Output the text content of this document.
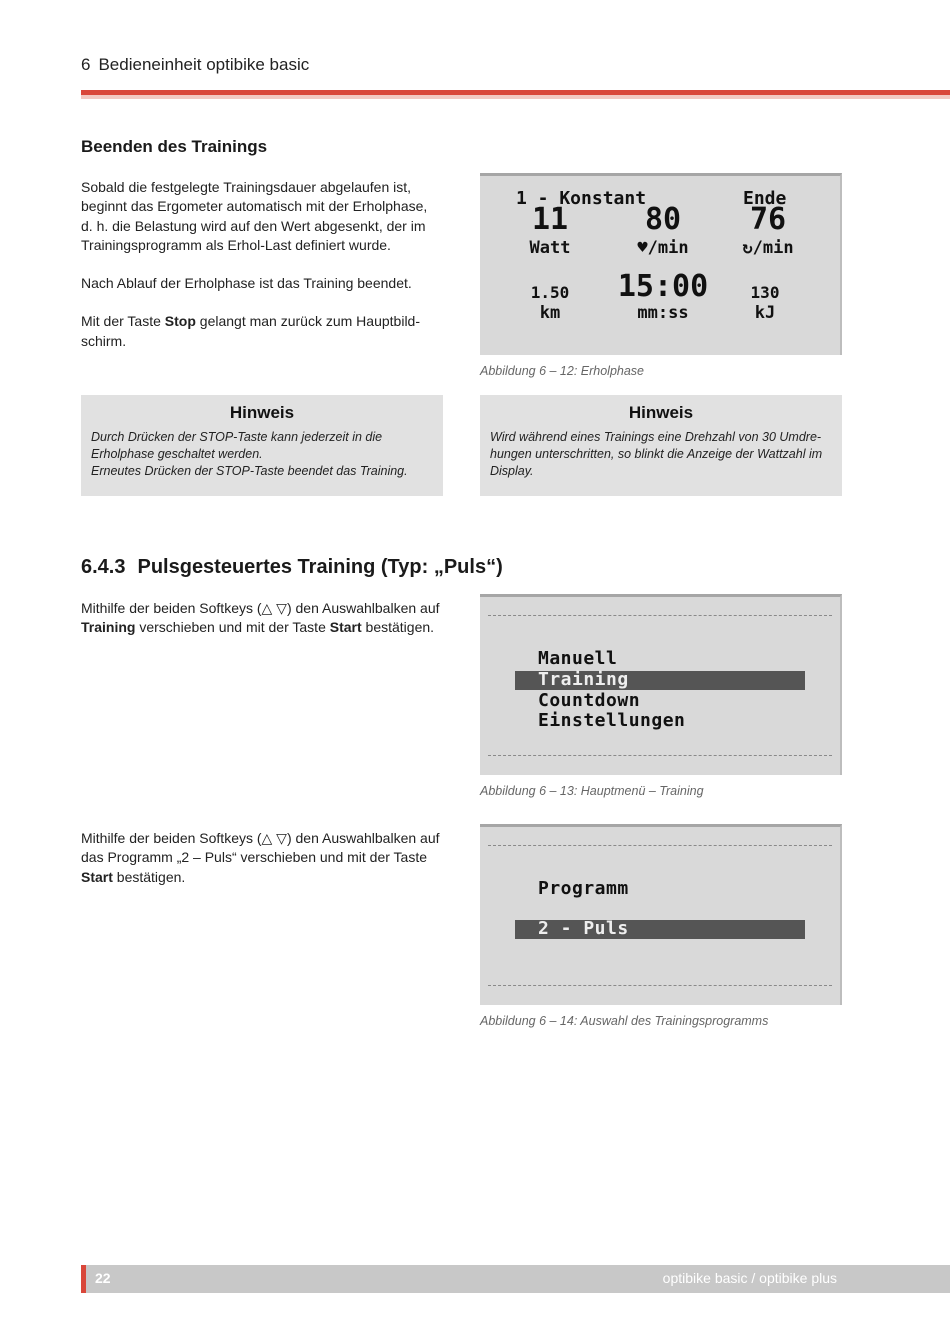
6 Bedieneinheit optibike basic
Beenden des Trainings

Sobald die festgelegte Trainingsdauer abgelaufen ist, beginnt das Ergometer automatisch mit der Erholphase, d. h. die Belastung wird auf den Wert abgesenkt, der im Trainingsprogramm als Erhol-Last definiert wurde.

Nach Ablauf der Erholphase ist das Training beendet.

Mit der Taste Stop gelangt man zurück zum Hauptbildschirm.

1 - Konstant	Ende
11	80	76
Watt	♥/min	↻/min
1.50	15:00	130
km	mm:ss	kJ
Abbildung 6 – 12: Erholphase
Hinweis
Durch Drücken der STOP-Taste kann jederzeit in die Erholphase geschaltet werden.
Erneutes Drücken der STOP-Taste beendet das Training.
Hinweis
Wird während eines Trainings eine Drehzahl von 30 Umdrehungen unterschritten, so blinkt die Anzeige der Wattzahl im Display.
6.4.3 Pulsgesteuertes Training (Typ: „Puls“)
Mithilfe der beiden Softkeys (△ ▽) den Auswahlbalken auf Training verschieben und mit der Taste Start bestätigen.
Manuell
Training
Countdown
Einstellungen
Abbildung 6 – 13: Hauptmenü – Training
Mithilfe der beiden Softkeys (△ ▽) den Auswahlbalken auf das Programm „2 – Puls“ verschieben und mit der Taste Start bestätigen.
Programm
2 - Puls
Abbildung 6 – 14: Auswahl des Trainingsprogramms
22	optibike basic / optibike plus
